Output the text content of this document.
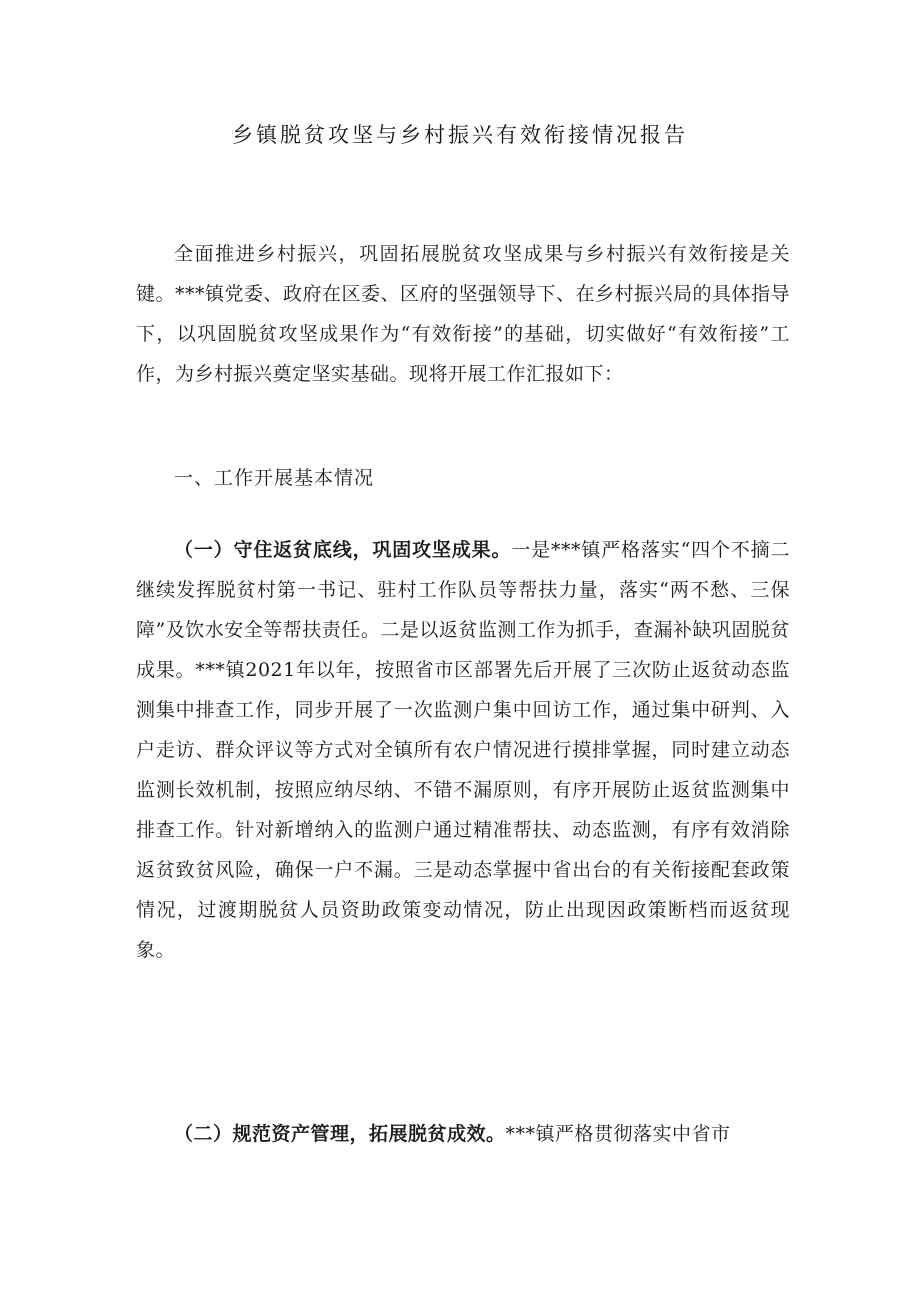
乡镇脱贫攻坚与乡村振兴有效衔接情况报告

全面推进乡村振兴，巩固拓展脱贫攻坚成果与乡村振兴有效衔接是关键。***镇党委、政府在区委、区府的坚强领导下、在乡村振兴局的具体指导下，以巩固脱贫攻坚成果作为“有效衔接”的基础，切实做好“有效衔接”工作，为乡村振兴奠定坚实基础。现将开展工作汇报如下：

一、工作开展基本情况

（一）守住返贫底线，巩固攻坚成果。一是***镇严格落实“四个不摘二继续发挥脱贫村第一书记、驻村工作队员等帮扶力量，落实“两不愁、三保障”及饮水安全等帮扶责任。二是以返贫监测工作为抓手，查漏补缺巩固脱贫成果。***镇2021年以年，按照省市区部署先后开展了三次防止返贫动态监测集中排查工作，同步开展了一次监测户集中回访工作，通过集中研判、入户走访、群众评议等方式对全镇所有农户情况进行摸排掌握，同时建立动态监测长效机制，按照应纳尽纳、不错不漏原则，有序开展防止返贫监测集中排查工作。针对新增纳入的监测户通过精准帮扶、动态监测，有序有效消除返贫致贫风险，确保一户不漏。三是动态掌握中省出台的有关衔接配套政策情况，过渡期脱贫人员资助政策变动情况，防止出现因政策断档而返贫现象。

（二）规范资产管理，拓展脱贫成效。***镇严格贯彻落实中省市
